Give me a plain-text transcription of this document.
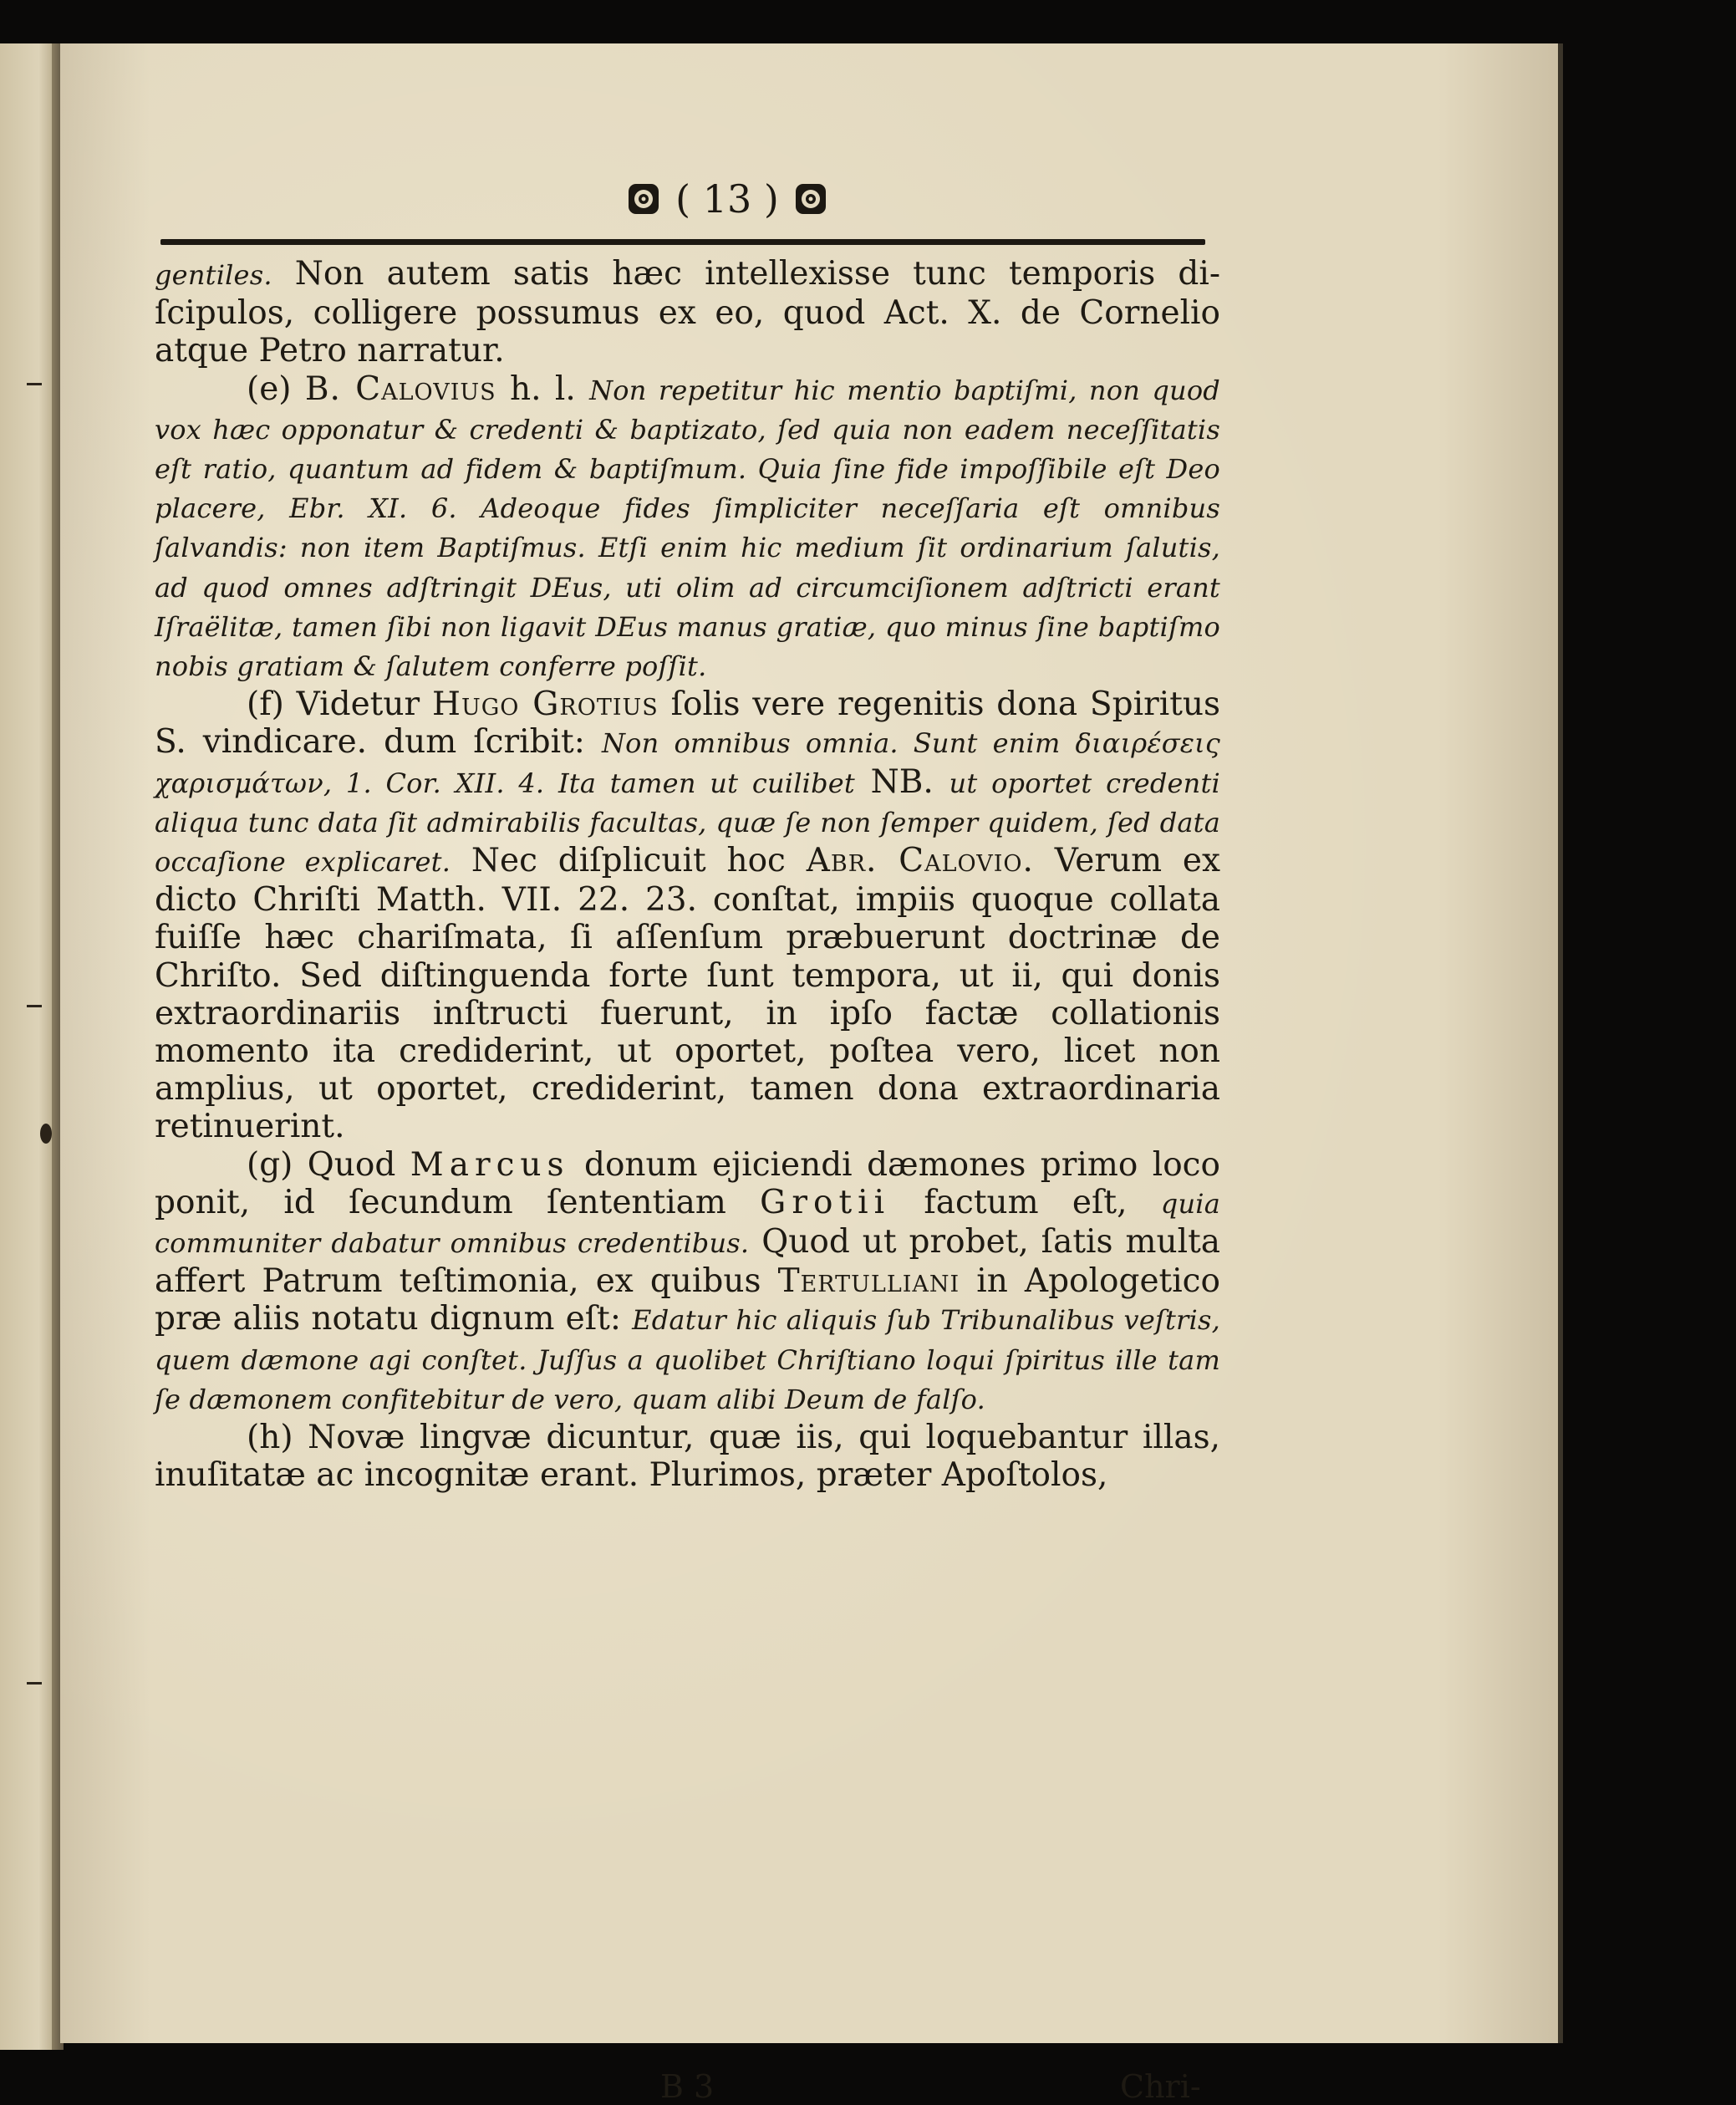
( 13 )

gentiles. Non autem satis hæc intellexisse tunc temporis di-ſcipulos, colligere possumus ex eo, quod Act. X. de Cornelio atque Petro narratur.

(e) B. Calovius h. l. Non repetitur hic mentio baptiſmi, non quod vox hæc opponatur & credenti & baptizato, ſed quia non eadem neceſſitatis eſt ratio, quantum ad fidem & baptiſmum. Quia ſine fide impoſſibile eſt Deo placere, Ebr. XI. 6. Adeoque fides ſimpliciter neceſſaria eſt omnibus ſalvandis: non item Baptiſmus. Etſi enim hic medium ſit ordinarium ſalutis, ad quod omnes adſtringit DEus, uti olim ad circumciſionem adſtricti erant Iſraëlitæ, tamen ſibi non ligavit DEus manus gratiæ, quo minus ſine baptiſmo nobis gratiam & ſalutem conferre poſſit.

(f) Videtur Hugo Grotius ſolis vere regenitis dona Spiritus S. vindicare. dum ſcribit: Non omnibus omnia. Sunt enim διαιρέσεις χαρισμάτων, 1. Cor. XII. 4. Ita tamen ut cuilibet NB. ut oportet credenti aliqua tunc data ſit admirabilis facultas, quæ ſe non ſemper quidem, ſed data occaſione explicaret. Nec diſplicuit hoc Abr. Calovio. Verum ex dicto Chriſti Matth. VII. 22. 23. conſtat, impiis quoque collata fuiſſe hæc chariſmata, ſi aſſenſum præbuerunt doctrinæ de Chriſto. Sed diſtinguenda forte ſunt tempora, ut ii, qui donis extraordinariis inſtructi fuerunt, in ipſo factæ collationis momento ita crediderint, ut oportet, poſtea vero, licet non amplius, ut oportet, crediderint, tamen dona extraordinaria retinuerint.

(g) Quod Marcus donum ejiciendi dæmones primo loco ponit, id ſecundum ſententiam Grotii factum eſt, quia communiter dabatur omnibus credentibus. Quod ut probet, ſatis multa affert Patrum teſtimonia, ex quibus Tertulliani in Apologetico præ aliis notatu dignum eſt: Edatur hic aliquis ſub Tribunalibus veſtris, quem dæmone agi conſtet. Juſſus a quolibet Chriſtiano loqui ſpiritus ille tam ſe dæmonem confitebitur de vero, quam alibi Deum de falſo.

(h) Novæ lingvæ dicuntur, quæ iis, qui loquebantur illas, inuſitatæ ac incognitæ erant. Plurimos, præter Apoſtolos,

B 3	Chri-
